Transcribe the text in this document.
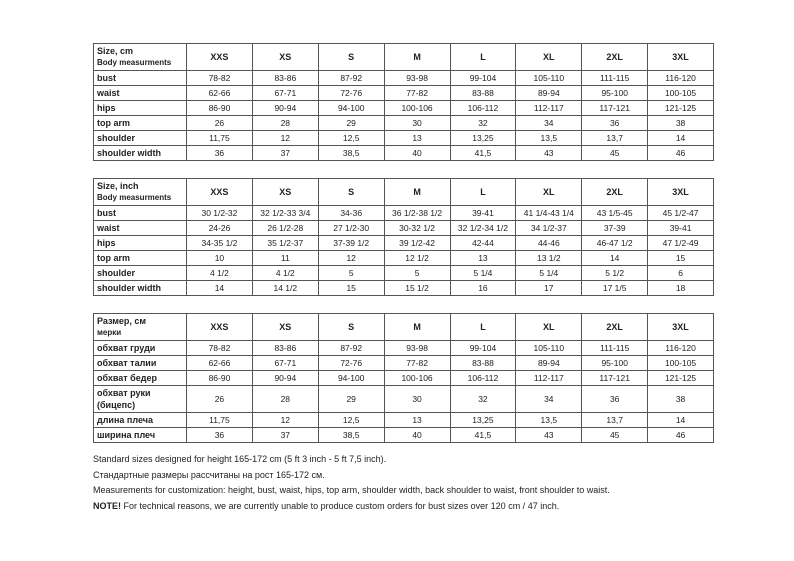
Size, cm
Body measurments	XXS	XS	S	M	L	XL	2XL	3XL
bust	78-82	83-86	87-92	93-98	99-104	105-110	111-115	116-120
waist	62-66	67-71	72-76	77-82	83-88	89-94	95-100	100-105
hips	86-90	90-94	94-100	100-106	106-112	112-117	117-121	121-125
top arm	26	28	29	30	32	34	36	38
shoulder	11,75	12	12,5	13	13,25	13,5	13,7	14
shoulder width	36	37	38,5	40	41,5	43	45	46
Size, inch
Body measurments	XXS	XS	S	M	L	XL	2XL	3XL
bust	30 1/2-32	32 1/2-33 3/4	34-36	36 1/2-38 1/2	39-41	41 1/4-43 1/4	43 1/5-45	45 1/2-47
waist	24-26	26 1/2-28	27 1/2-30	30-32 1/2	32 1/2-34 1/2	34 1/2-37	37-39	39-41
hips	34-35 1/2	35 1/2-37	37-39 1/2	39 1/2-42	42-44	44-46	46-47 1/2	47 1/2-49
top arm	10	11	12	12 1/2	13	13 1/2	14	15
shoulder	4 1/2	4 1/2	5	5	5 1/4	5 1/4	5 1/2	6
shoulder width	14	14 1/2	15	15 1/2	16	17	17 1/5	18
Размер, см
мерки	XXS	XS	S	M	L	XL	2XL	3XL
обхват груди	78-82	83-86	87-92	93-98	99-104	105-110	111-115	116-120
обхват талии	62-66	67-71	72-76	77-82	83-88	89-94	95-100	100-105
обхват бедер	86-90	90-94	94-100	100-106	106-112	112-117	117-121	121-125
обхват руки (бицепс)	26	28	29	30	32	34	36	38
длина плеча	11,75	12	12,5	13	13,25	13,5	13,7	14
ширина плеч	36	37	38,5	40	41,5	43	45	46

Standard sizes designed for height 165-172 cm (5 ft 3 inch - 5 ft 7,5 inch).

Стандартные размеры рассчитаны на рост 165-172 см.

Measurements for customization: height, bust, waist, hips, top arm, shoulder width, back shoulder to waist, front shoulder to waist.

NOTE! For technical reasons, we are currently unable to produce custom orders for bust sizes over 120 cm / 47 inch.
